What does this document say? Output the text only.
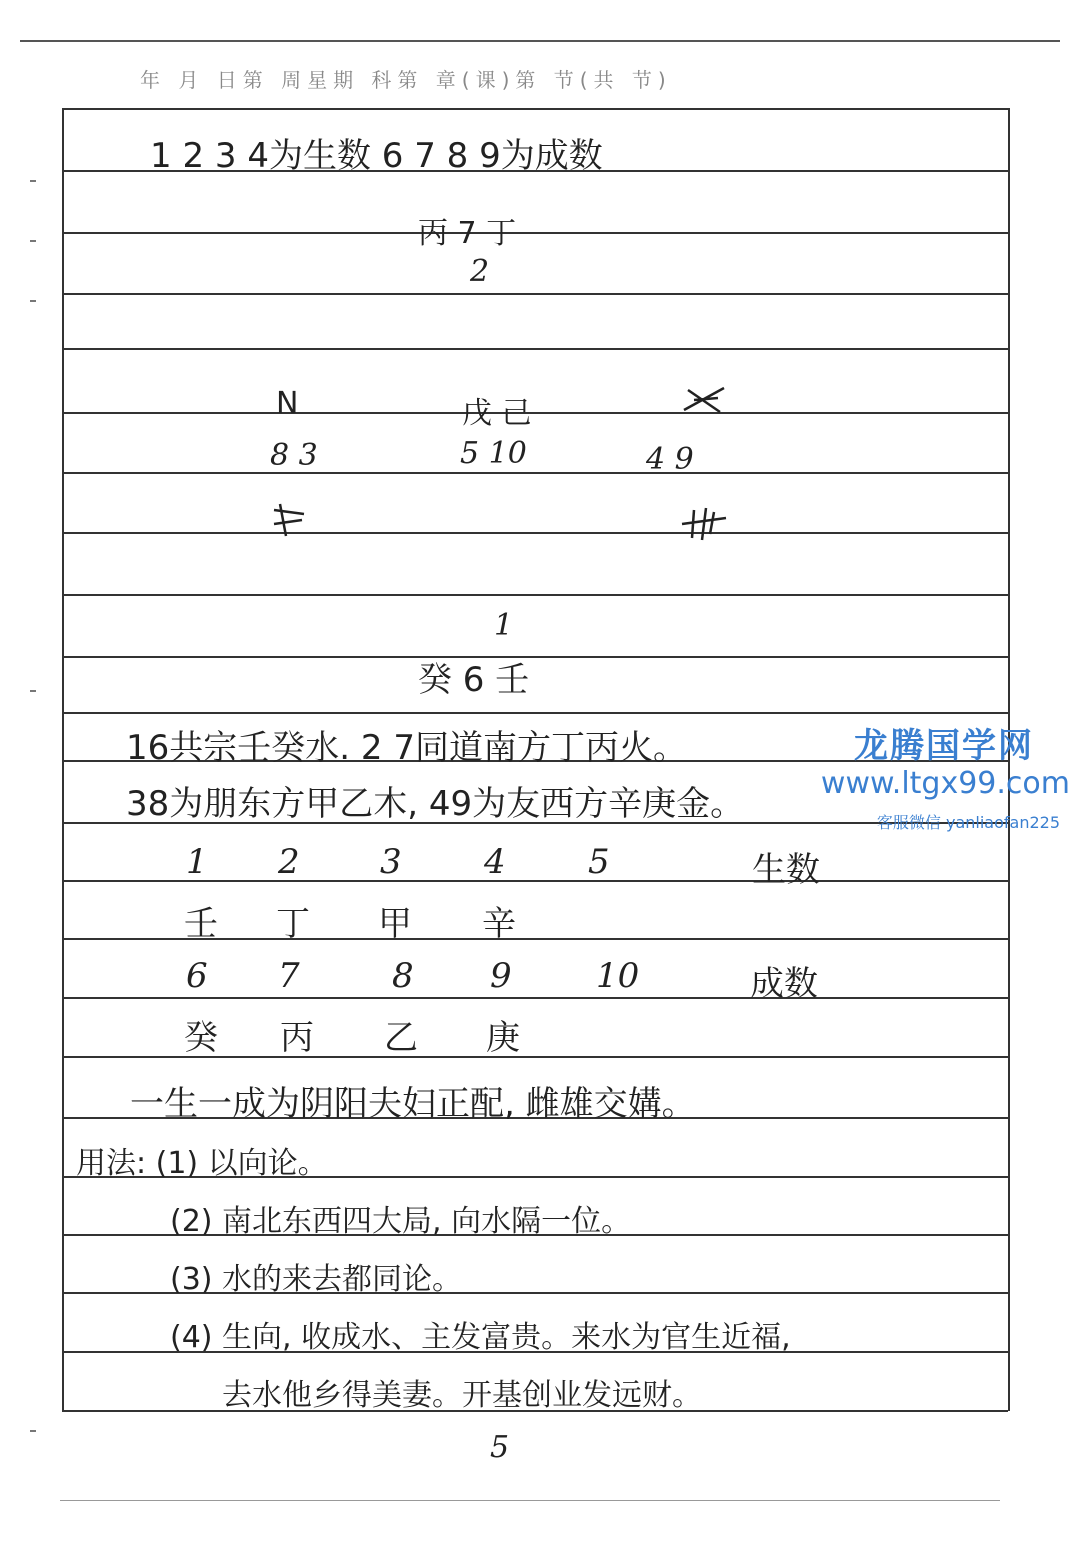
年 月 日第 周星期 科第 章(课)第 节(共 节)
1 2 3 4为生数 6 7 8 9为成数
丙 7 丁
2
N
8 3
戊 己
5 10	4 9
1
癸 6 壬
16共宗壬癸水. 2 7同道南方丁丙火。
38为朋东方甲乙木, 49为友西方辛庚金。
1 2 3 4 5	生数
壬 丁 甲 辛
6 7	8 9 10	成数
癸 丙 乙 庚
一生一成为阴阳夫妇正配, 雌雄交媾。
用法: (1) 以向论。
(2) 南北东西四大局, 向水隔一位。
(3) 水的来去都同论。
(4) 生向, 收成水、主发富贵。来水为官生近福,
去水他乡得美妻。开基创业发远财。
龙腾国学网
www.ltgx99.com
客服微信 yanliaofan225
5
